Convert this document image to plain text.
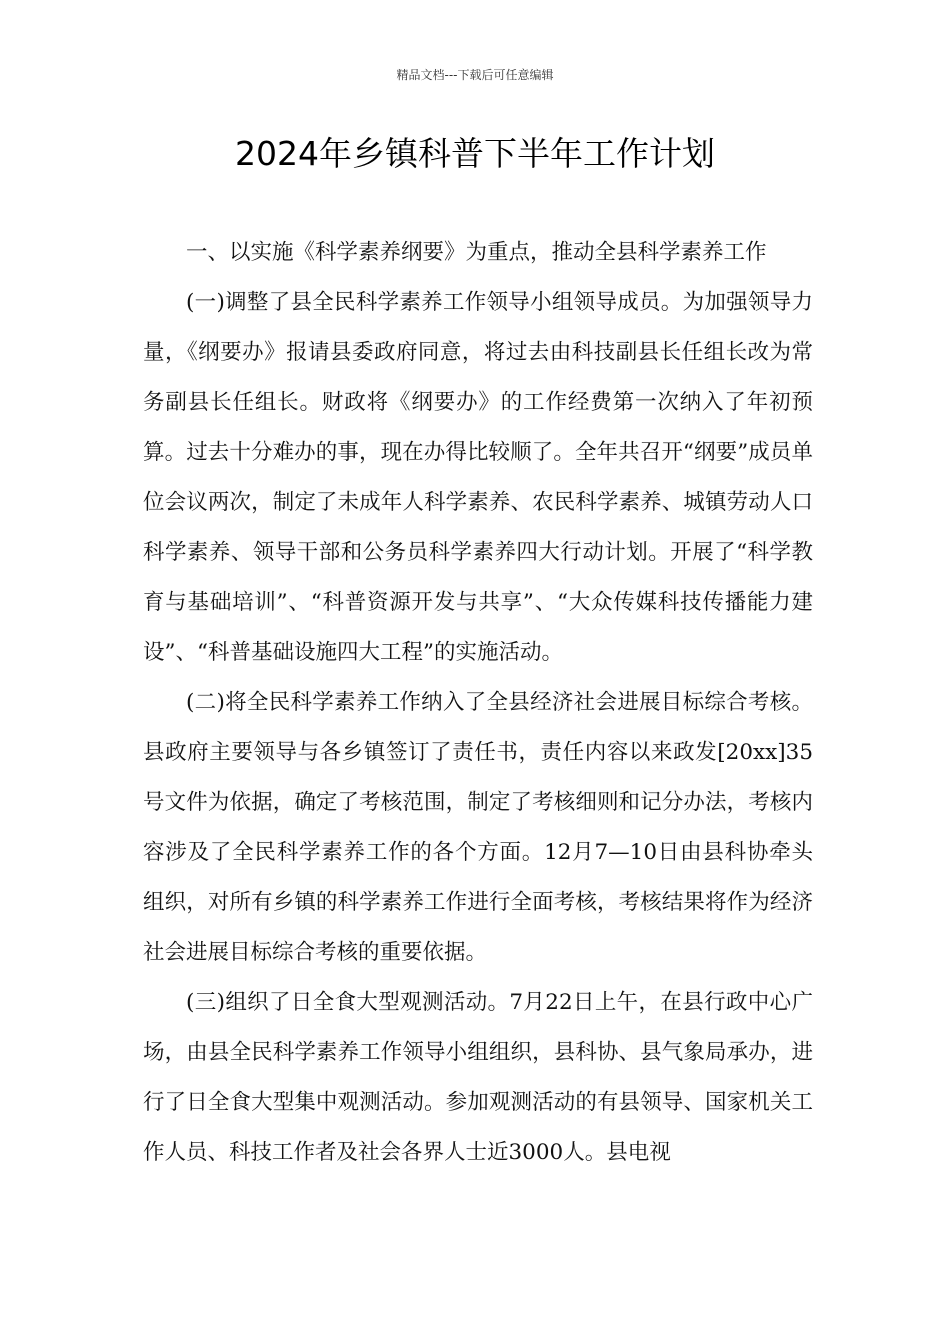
精品文档---下载后可任意编辑
2024年乡镇科普下半年工作计划

一、以实施《科学素养纲要》为重点，推动全县科学素养工作

(一)调整了县全民科学素养工作领导小组领导成员。为加强领导力量，《纲要办》报请县委政府同意，将过去由科技副县长任组长改为常务副县长任组长。财政将《纲要办》的工作经费第一次纳入了年初预算。过去十分难办的事，现在办得比较顺了。全年共召开“纲要”成员单位会议两次，制定了未成年人科学素养、农民科学素养、城镇劳动人口科学素养、领导干部和公务员科学素养四大行动计划。开展了“科学教育与基础培训”、“科普资源开发与共享”、“大众传媒科技传播能力建设”、“科普基础设施四大工程”的实施活动。

(二)将全民科学素养工作纳入了全县经济社会进展目标综合考核。县政府主要领导与各乡镇签订了责任书，责任内容以来政发[20xx]35号文件为依据，确定了考核范围，制定了考核细则和记分办法，考核内容涉及了全民科学素养工作的各个方面。12月7—10日由县科协牵头组织，对所有乡镇的科学素养工作进行全面考核，考核结果将作为经济社会进展目标综合考核的重要依据。

(三)组织了日全食大型观测活动。7月22日上午，在县行政中心广场，由县全民科学素养工作领导小组组织，县科协、县气象局承办，进行了日全食大型集中观测活动。参加观测活动的有县领导、国家机关工作人员、科技工作者及社会各界人士近3000人。县电视
